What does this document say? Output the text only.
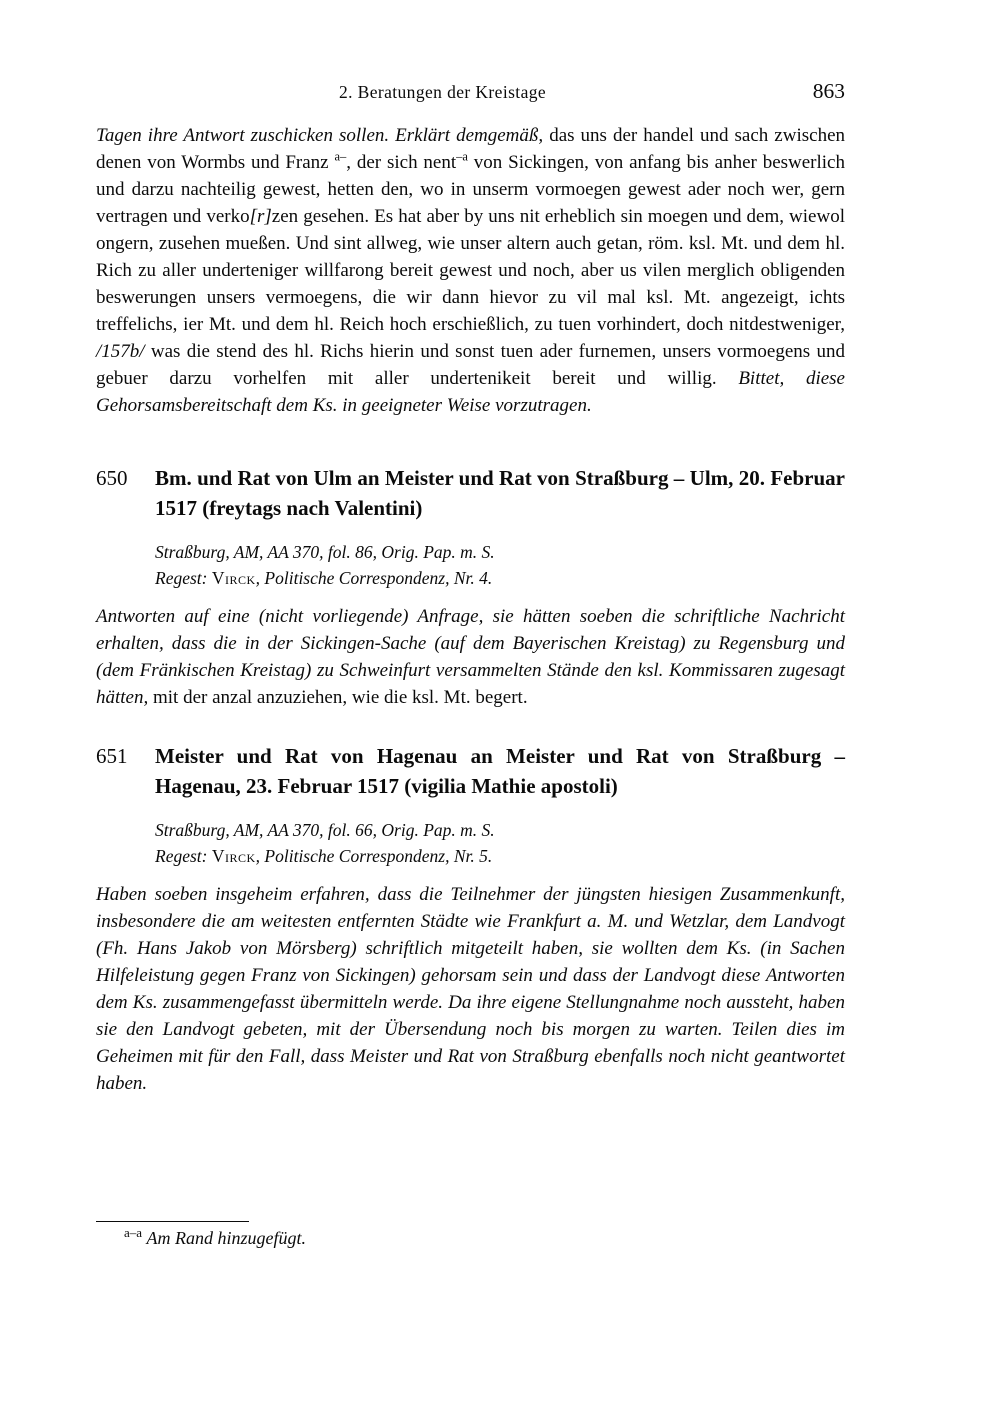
2. Beratungen der Kreistage	863

Tagen ihre Antwort zuschicken sollen. Erklärt demgemäß, das uns der handel und sach zwischen denen von Wormbs und Franz $^{a-}$, der sich nent$^{-a}$ von Sickingen, von anfang bis anher beswerlich und darzu nachteilig gewest, hetten den, wo in unserm vormoegen gewest ader noch wer, gern vertragen und verko[r]zen gesehen. Es hat aber by uns nit erheblich sin moegen und dem, wiewol ongern, zusehen mueßen. Und sint allweg, wie unser altern auch getan, röm. ksl. Mt. und dem hl. Rich zu aller underteniger willfarong bereit gewest und noch, aber us vilen merglich obligenden beswerungen unsers vermoegens, die wir dann hievor zu vil mal ksl. Mt. angezeigt, ichts treffelichs, ier Mt. und dem hl. Reich hoch erschießlich, zu tuen vorhindert, doch nitdestweniger, /157b/ was die stend des hl. Richs hierin und sonst tuen ader furnemen, unsers vormoegens und gebuer darzu vorhelfen mit aller undertenikeit bereit und willig. Bittet, diese Gehorsamsbereitschaft dem Ks. in geeigneter Weise vorzutragen.

650	Bm. und Rat von Ulm an Meister und Rat von Straßburg – Ulm, 20. Februar 1517 (freytags nach Valentini)

Straßburg, AM, AA 370, fol. 86, Orig. Pap. m. S.

Regest: Virck, Politische Correspondenz, Nr. 4.

Antworten auf eine (nicht vorliegende) Anfrage, sie hätten soeben die schriftliche Nachricht erhalten, dass die in der Sickingen-Sache (auf dem Bayerischen Kreistag) zu Regensburg und (dem Fränkischen Kreistag) zu Schweinfurt versammelten Stände den ksl. Kommissaren zugesagt hätten, mit der anzal anzuziehen, wie die ksl. Mt. begert.

651	Meister und Rat von Hagenau an Meister und Rat von Straßburg – Hagenau, 23. Februar 1517 (vigilia Mathie apostoli)

Straßburg, AM, AA 370, fol. 66, Orig. Pap. m. S.

Regest: Virck, Politische Correspondenz, Nr. 5.

Haben soeben insgeheim erfahren, dass die Teilnehmer der jüngsten hiesigen Zusammenkunft, insbesondere die am weitesten entfernten Städte wie Frankfurt a. M. und Wetzlar, dem Landvogt (Fh. Hans Jakob von Mörsberg) schriftlich mitgeteilt haben, sie wollten dem Ks. (in Sachen Hilfeleistung gegen Franz von Sickingen) gehorsam sein und dass der Landvogt diese Antworten dem Ks. zusammengefasst übermitteln werde. Da ihre eigene Stellungnahme noch aussteht, haben sie den Landvogt gebeten, mit der Übersendung noch bis morgen zu warten. Teilen dies im Geheimen mit für den Fall, dass Meister und Rat von Straßburg ebenfalls noch nicht geantwortet haben.

$^{a-a}$ Am Rand hinzugefügt.
